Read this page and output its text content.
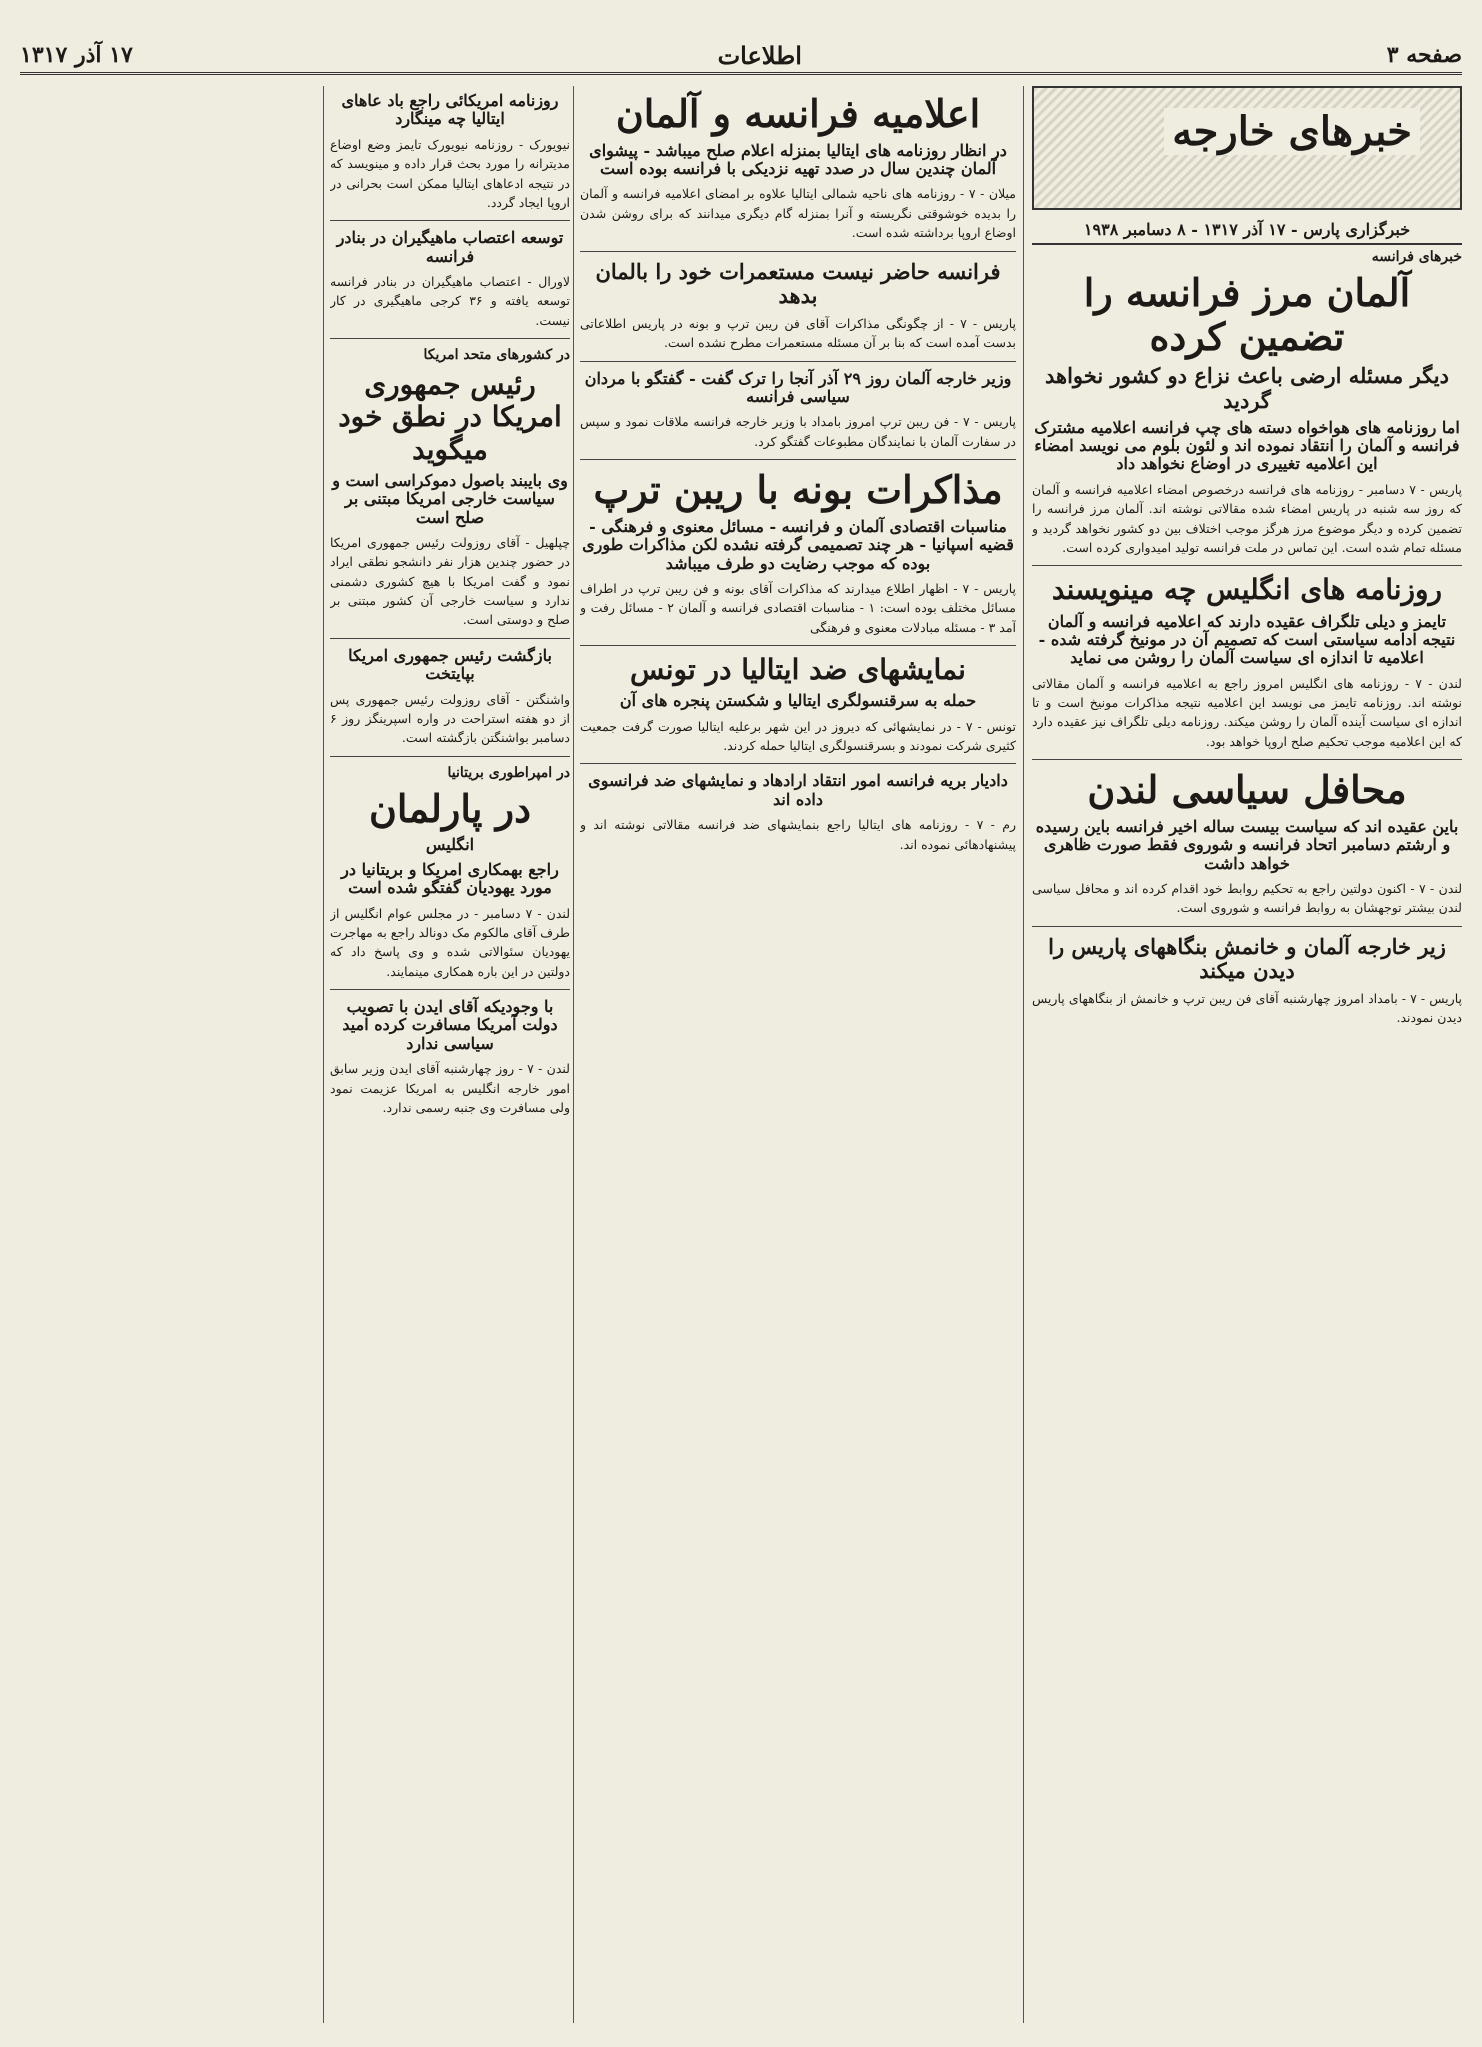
صفحه ۳
اطلاعات
۱۷ آذر ۱۳۱۷
خبرهای خارجه
خبرگزاری پارس - ۱۷ آذر ۱۳۱۷ - ۸ دسامبر ۱۹۳۸
خبرهای فرانسه
آلمان مرز فرانسه را تضمین کرده
دیگر مسئله ارضی باعث نزاع دو کشور نخواهد گردید
اما روزنامه های هواخواه دسته های چپ فرانسه اعلامیه مشترک فرانسه و آلمان را انتقاد نموده اند و لئون بلوم می نویسد امضاء این اعلامیه تغییری در اوضاع نخواهد داد

پاریس - ۷ دسامبر - روزنامه های فرانسه درخصوص امضاء اعلامیه فرانسه و آلمان که روز سه شنبه در پاریس امضاء شده مقالاتی نوشته اند. آلمان مرز فرانسه را تضمین کرده و دیگر موضوع مرز هرگز موجب اختلاف بین دو کشور نخواهد گردید و مسئله تمام شده است. این تماس در ملت فرانسه تولید امیدواری کرده است.

روزنامه های انگلیس چه مینویسند
تایمز و دیلی تلگراف عقیده دارند که اعلامیه فرانسه و آلمان نتیجه ادامه سیاستی است که تصمیم آن در مونیخ گرفته شده - اعلامیه تا اندازه ای سیاست آلمان را روشن می نماید

لندن - ۷ - روزنامه های انگلیس امروز راجع به اعلامیه فرانسه و آلمان مقالاتی نوشته اند. روزنامه تایمز می نویسد این اعلامیه نتیجه مذاکرات مونیخ است و تا اندازه ای سیاست آینده آلمان را روشن میکند. روزنامه دیلی تلگراف نیز عقیده دارد که این اعلامیه موجب تحکیم صلح اروپا خواهد بود.

محافل سیاسی لندن
باین عقیده اند که سیاست بیست ساله اخیر فرانسه باین رسیده و ارشتم دسامبر اتحاد فرانسه و شوروی فقط صورت ظاهری خواهد داشت

لندن - ۷ - اکنون دولتین راجع به تحکیم روابط خود اقدام کرده اند و محافل سیاسی لندن بیشتر توجهشان به روابط فرانسه و شوروی است.

زیر خارجه آلمان و خانمش بنگاههای پاریس را دیدن میکند

پاریس - ۷ - بامداد امروز چهارشنبه آقای فن ریبن ترپ و خانمش از بنگاههای پاریس دیدن نمودند.

اعلامیه فرانسه و آلمان
در انظار روزنامه های ایتالیا بمنزله اعلام صلح میباشد - پیشوای آلمان چندین سال در صدد تهیه نزدیکی با فرانسه بوده است

میلان - ۷ - روزنامه های ناحیه شمالی ایتالیا علاوه بر امضای اعلامیه فرانسه و آلمان را بدیده خوشوقتی نگریسته و آنرا بمنزله گام دیگری میدانند که برای روشن شدن اوضاع اروپا برداشته شده است.

فرانسه حاضر نیست مستعمرات خود را بالمان بدهد

پاریس - ۷ - از چگونگی مذاکرات آقای فن ریبن ترپ و بونه در پاریس اطلاعاتی بدست آمده است که بنا بر آن مسئله مستعمرات مطرح نشده است.

وزیر خارجه آلمان روز ۲۹ آذر آنجا را ترک گفت - گفتگو با مردان سیاسی فرانسه

پاریس - ۷ - فن ریبن ترپ امروز بامداد با وزیر خارجه فرانسه ملاقات نمود و سپس در سفارت آلمان با نمایندگان مطبوعات گفتگو کرد.

مذاکرات بونه با ریبن ترپ
مناسبات اقتصادی آلمان و فرانسه - مسائل معنوی و فرهنگی - قضیه اسپانیا - هر چند تصمیمی گرفته نشده لکن مذاکرات طوری بوده که موجب رضایت دو طرف میباشد

پاریس - ۷ - اظهار اطلاع میدارند که مذاکرات آقای بونه و فن ریبن ترپ در اطراف مسائل مختلف بوده است: ۱ - مناسبات اقتصادی فرانسه و آلمان ۲ - مسائل رفت و آمد ۳ - مسئله مبادلات معنوی و فرهنگی

نمایشهای ضد ایتالیا در تونس
حمله به سرقنسولگری ایتالیا و شکستن پنجره های آن

تونس - ۷ - در نمایشهائی که دیروز در این شهر برعلیه ایتالیا صورت گرفت جمعیت کثیری شرکت نمودند و بسرقنسولگری ایتالیا حمله کردند.

دادیار بریه فرانسه امور انتقاد ارادهاد و نمایشهای ضد فرانسوی داده اند

رم - ۷ - روزنامه های ایتالیا راجع بنمایشهای ضد فرانسه مقالاتی نوشته اند و پیشنهادهائی نموده اند.

روزنامه امریکائی راجع باد عاهای ایتالیا چه مینگارد

نیویورک - روزنامه نیویورک تایمز وضع اوضاع مدیترانه را مورد بحث قرار داده و مینویسد که در نتیجه ادعاهای ایتالیا ممکن است بحرانی در اروپا ایجاد گردد.

توسعه اعتصاب ماهیگیران در بنادر فرانسه

لاورال - اعتصاب ماهیگیران در بنادر فرانسه توسعه یافته و ۳۶ کرجی ماهیگیری در کار نیست.

در کشورهای متحد امریکا
رئیس جمهوری امریکا در نطق خود میگوید
وی بایبند باصول دموکراسی است و سیاست خارجی امریکا مبتنی بر صلح است

چپلهیل - آقای روزولت رئیس جمهوری امریکا در حضور چندین هزار نفر دانشجو نطقی ایراد نمود و گفت امریکا با هیچ کشوری دشمنی ندارد و سیاست خارجی آن کشور مبتنی بر صلح و دوستی است.

بازگشت رئیس جمهوری امریکا بپایتخت

واشنگتن - آقای روزولت رئیس جمهوری پس از دو هفته استراحت در واره اسپرینگز روز ۶ دسامبر بواشنگتن بازگشته است.

در امپراطوری بریتانیا
در پارلمان
انگلیس
راجع بهمکاری امریکا و بریتانیا در مورد یهودیان گفتگو شده است

لندن - ۷ دسامبر - در مجلس عوام انگلیس از طرف آقای مالکوم مک دونالد راجع به مهاجرت یهودیان سئوالاتی شده و وی پاسخ داد که دولتین در این باره همکاری مینمایند.

با وجودیکه آقای ایدن با تصویب دولت آمریکا مسافرت کرده امید سیاسی ندارد

لندن - ۷ - روز چهارشنبه آقای ایدن وزیر سابق امور خارجه انگلیس به امریکا عزیمت نمود ولی مسافرت وی جنبه رسمی ندارد.
